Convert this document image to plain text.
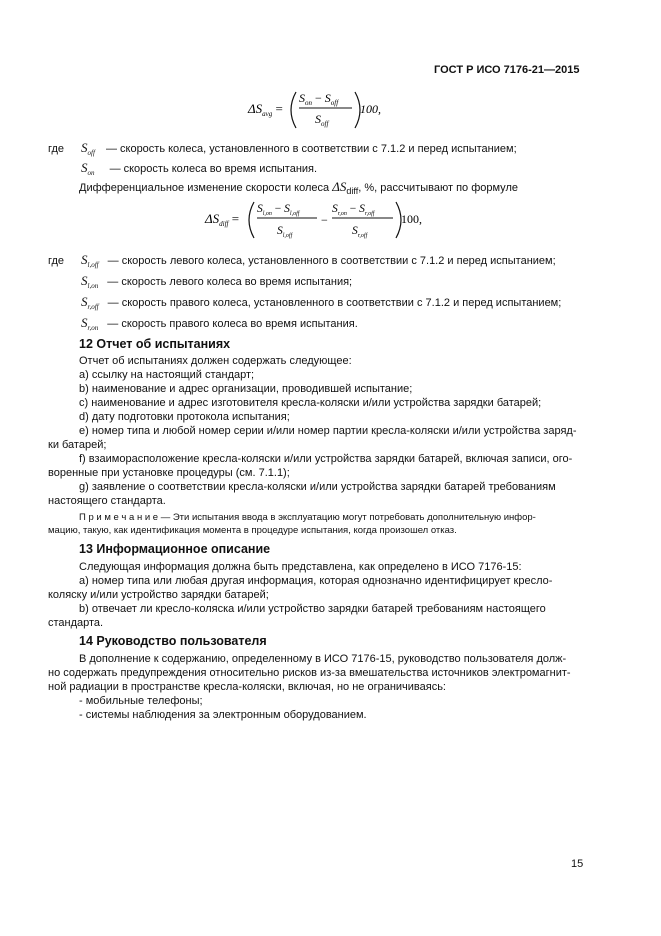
ГОСТ Р ИСО 7176-21—2015
$\Delta S_{avg}$ =
$S_{on} - S_{off}$
$S_{off}$
100,
где $S_{off}$ — скорость колеса, установленного в соответствии с 7.1.2 и перед испытанием;
$S_{on}$ — скорость колеса во время испытания.
Дифференциальное изменение скорости колеса $\Delta S_{diff}$, %, рассчитывают по формуле
$\Delta S_{diff}$ =
$S_{l,on} - S_{l,off}$
$S_{l,off}$
−
$S_{r,on} - S_{r,off}$
$S_{r,off}$
100,
где $S_{l,off}$ — скорость левого колеса, установленного в соответствии с 7.1.2 и перед испытанием;
$S_{l,on}$ — скорость левого колеса во время испытания;
$S_{r,off}$ — скорость правого колеса, установленного в соответствии с 7.1.2 и перед испытанием;
$S_{r,on}$ — скорость правого колеса во время испытания.
12 Отчет об испытаниях
Отчет об испытаниях должен содержать следующее:
а) ссылку на настоящий стандарт;
b) наименование и адрес организации, проводившей испытание;
с) наименование и адрес изготовителя кресла-коляски и/или устройства зарядки батарей;
d) дату подготовки протокола испытания;
е) номер типа и любой номер серии и/или номер партии кресла-коляски и/или устройства заряд-
ки батарей;
f) взаиморасположение кресла-коляски и/или устройства зарядки батарей, включая записи, ого-
воренные при установке процедуры (см. 7.1.1);
g) заявление о соответствии кресла-коляски и/или устройства зарядки батарей требованиям
настоящего стандарта.
П р и м е ч а н и е — Эти испытания ввода в эксплуатацию могут потребовать дополнительную инфор-
мацию, такую, как идентификация момента в процедуре испытания, когда произошел отказ.
13 Информационное описание
Следующая информация должна быть представлена, как определено в ИСО 7176-15:
а) номер типа или любая другая информация, которая однозначно идентифицирует кресло-
коляску и/или устройство зарядки батарей;
b) отвечает ли кресло-коляска и/или устройство зарядки батарей требованиям настоящего
стандарта.
14 Руководство пользователя
В дополнение к содержанию, определенному в ИСО 7176-15, руководство пользователя долж-
но содержать предупреждения относительно рисков из-за вмешательства источников электромагнит-
ной радиации в пространстве кресла-коляски, включая, но не ограничиваясь:
- мобильные телефоны;
- системы наблюдения за электронным оборудованием.
15
